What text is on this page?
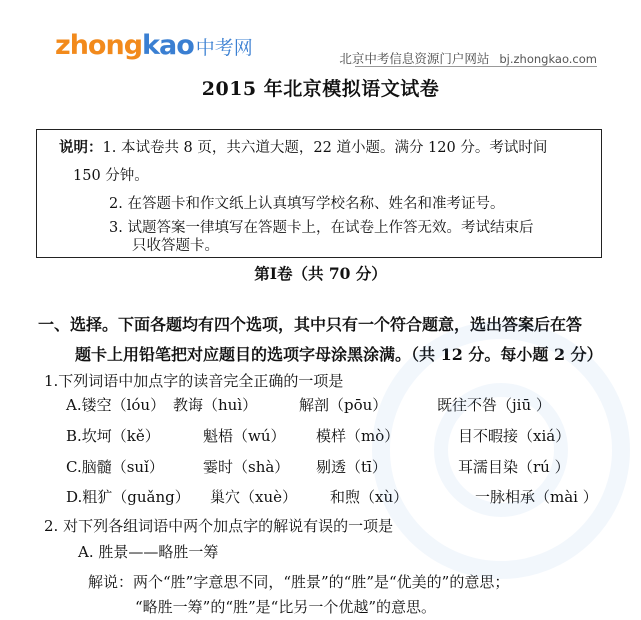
zhongkao 中考网	北京中考信息资源门户网站 bj.zhongkao.com
2015 年北京模拟语文试卷
说明：1. 本试卷共 8 页，共六道大题，22 道小题。满分 120 分。考试时间
150 分钟。
2. 在答题卡和作文纸上认真填写学校名称、姓名和准考证号。
3. 试题答案一律填写在答题卡上，在试卷上作答无效。考试结束后
只收答题卡。
第Ⅰ卷（共 70 分）
一、选择。下面各题均有四个选项，其中只有一个符合题意，选出答案后在答
题卡上用铅笔把对应题目的选项字母涂黑涂满。（共 12 分。每小题 2 分）
1.下列词语中加点字的读音完全正确的一项是
A.镂空（lóu） 教诲（huì）	解剖（pōu）	既往不咎（jiū ）
B.坎坷（kě）	魁梧（wú） 模样（mò）	目不暇接（xiá）
C.脑髓（suǐ）	霎时（shà） 剔透（tī）	耳濡目染（rú ）
D.粗犷（guǎng） 巢穴（xuè） 和煦（xù）	一脉相承（mài ）
2. 对下列各组词语中两个加点字的解说有误的一项是
A. 胜景——略胜一筹
解说：两个“胜”字意思不同，“胜景”的“胜”是“优美的”的意思；
“略胜一筹”的“胜”是“比另一个优越”的意思。
